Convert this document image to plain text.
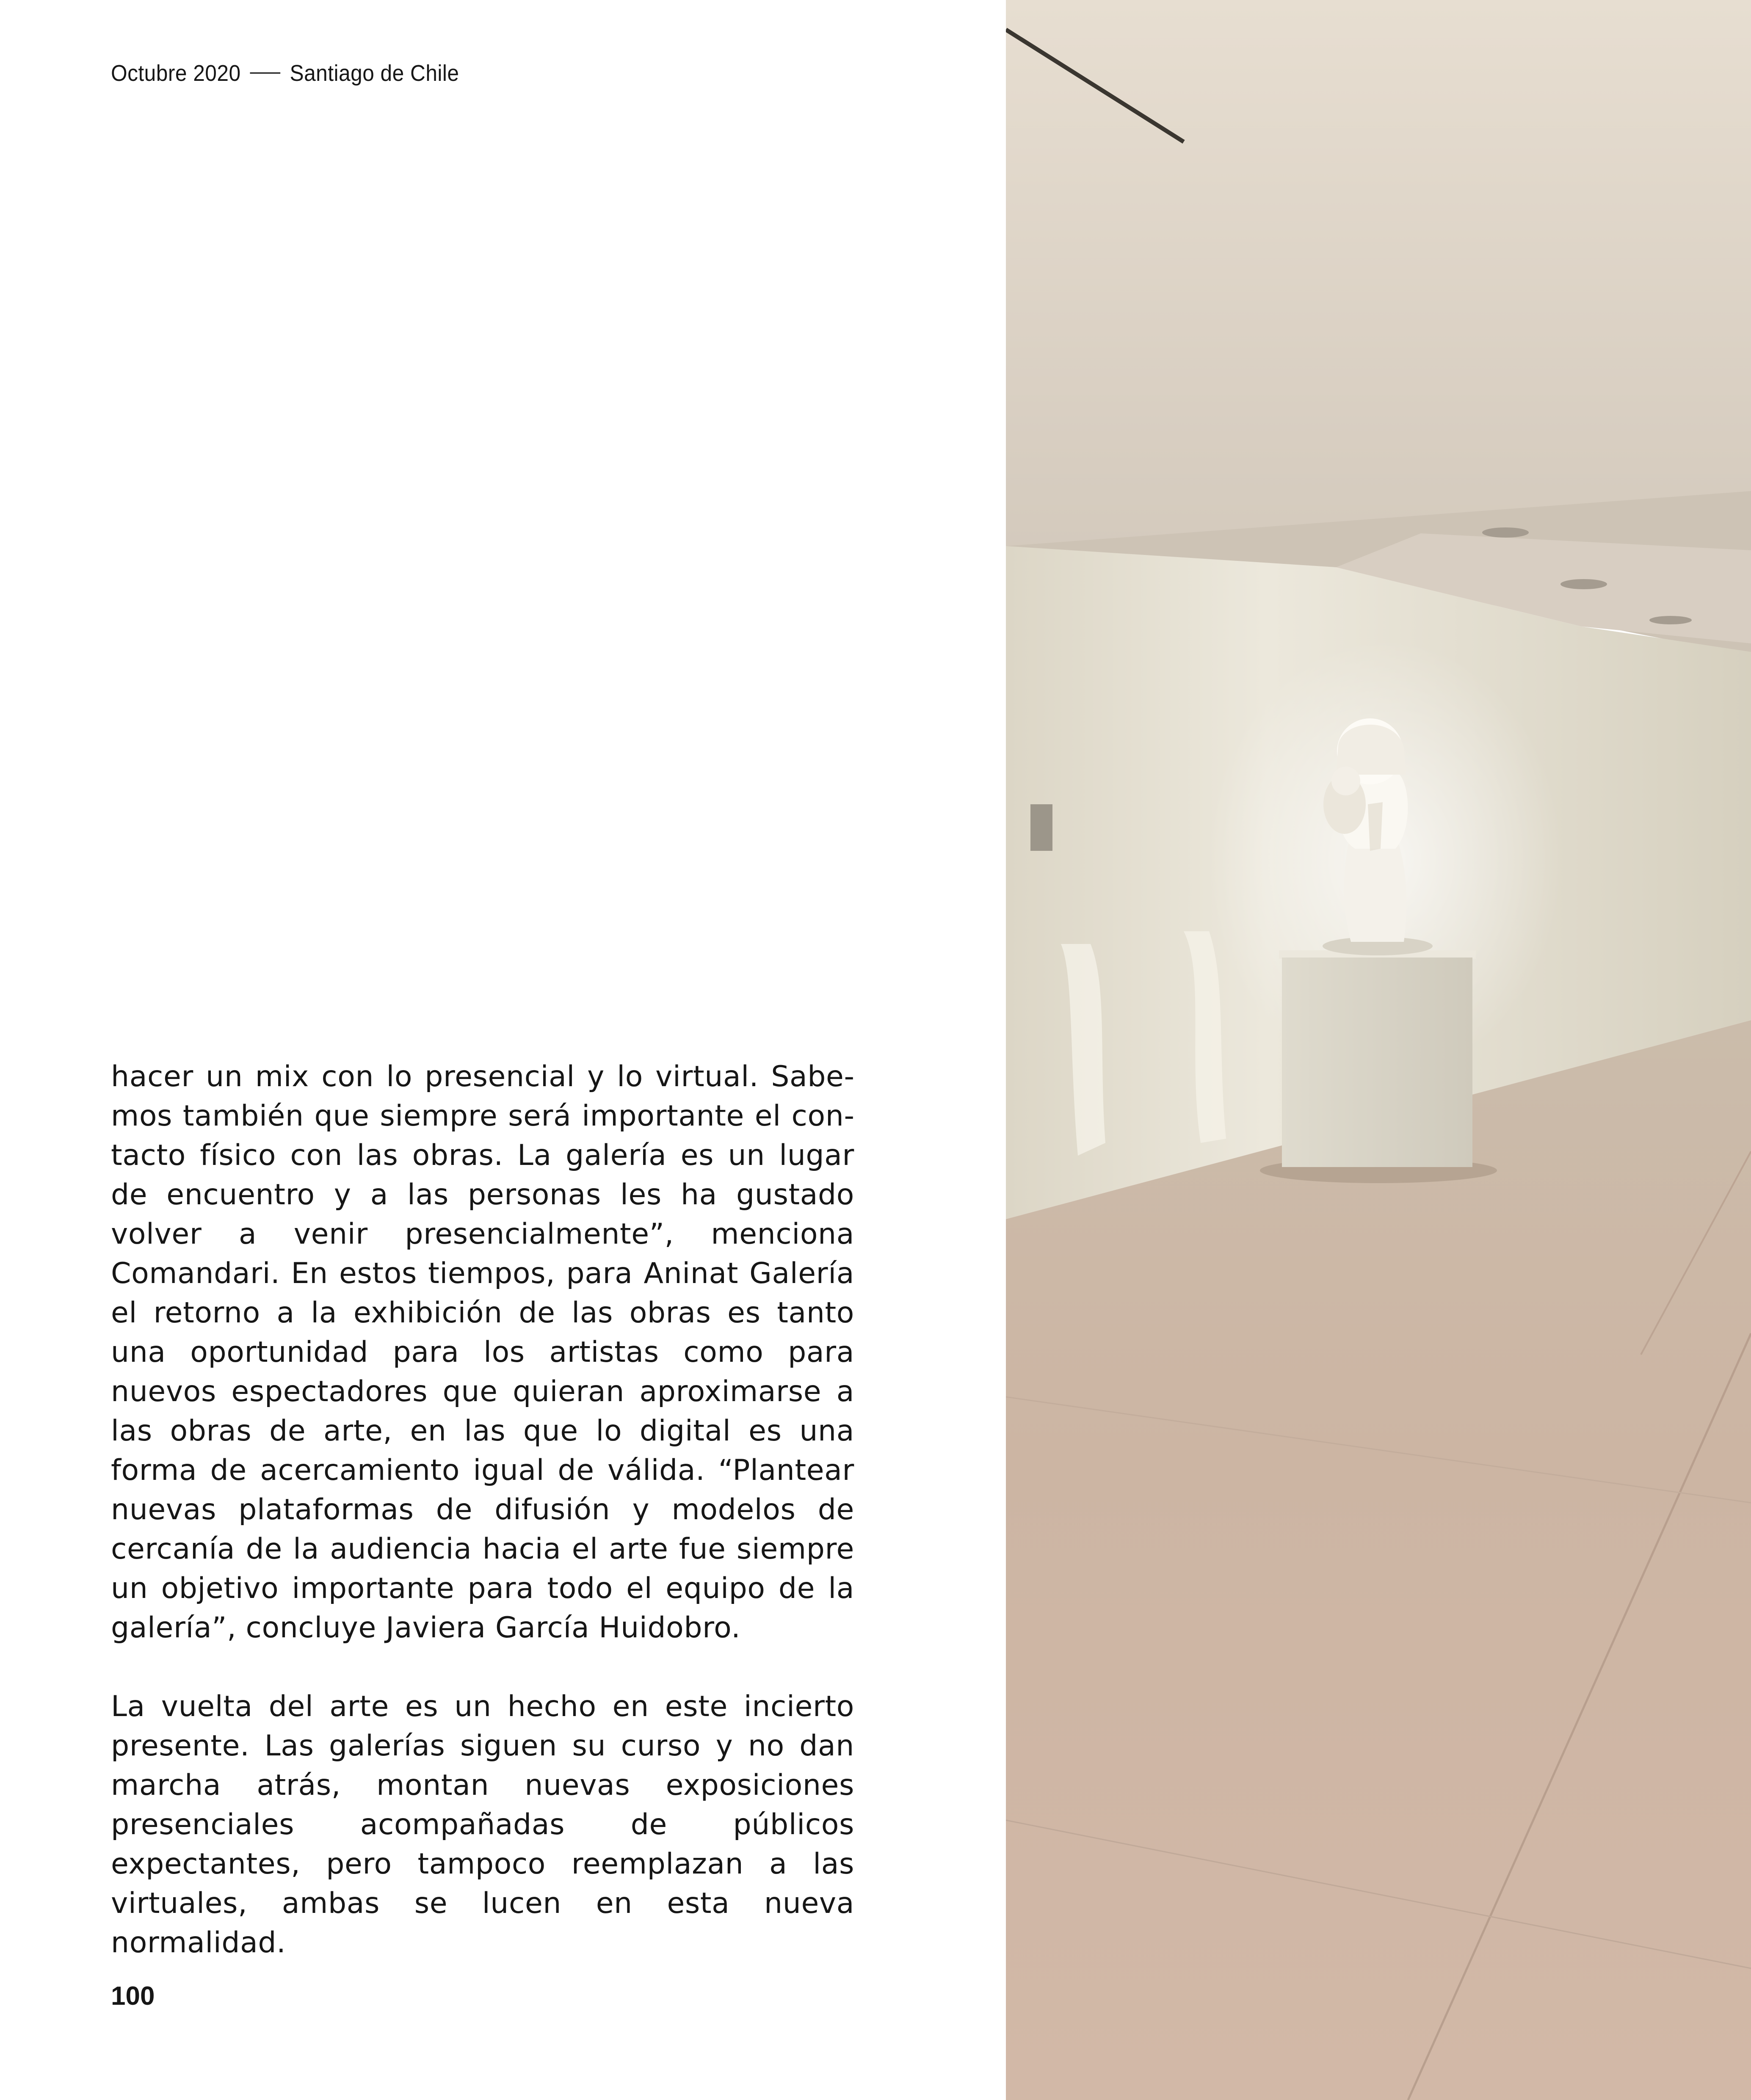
Octubre 2020 Santiago de Chile

hacer un mix con lo presencial y lo virtual. Sabemos también que siempre será importante el contacto físico con las obras. La galería es un lugar de encuentro y a las personas les ha gustado volver a venir presencialmente”, menciona Comandari. En estos tiempos, para Aninat Galería el retorno a la exhibición de las obras es tanto una oportunidad para los artistas como para nuevos espectadores que quieran aproximarse a las obras de arte, en las que lo digital es una forma de acercamiento igual de válida. “Plantear nuevas plataformas de difusión y modelos de cercanía de la audiencia hacia el arte fue siempre un objetivo importante para todo el equipo de la galería”, concluye Javiera García Huidobro.

La vuelta del arte es un hecho en este incierto presente. Las galerías siguen su curso y no dan marcha atrás, montan nuevas exposiciones presenciales acompañadas de públicos expectantes, pero tampoco reemplazan a las virtuales, ambas se lucen en esta nueva normalidad.

100
